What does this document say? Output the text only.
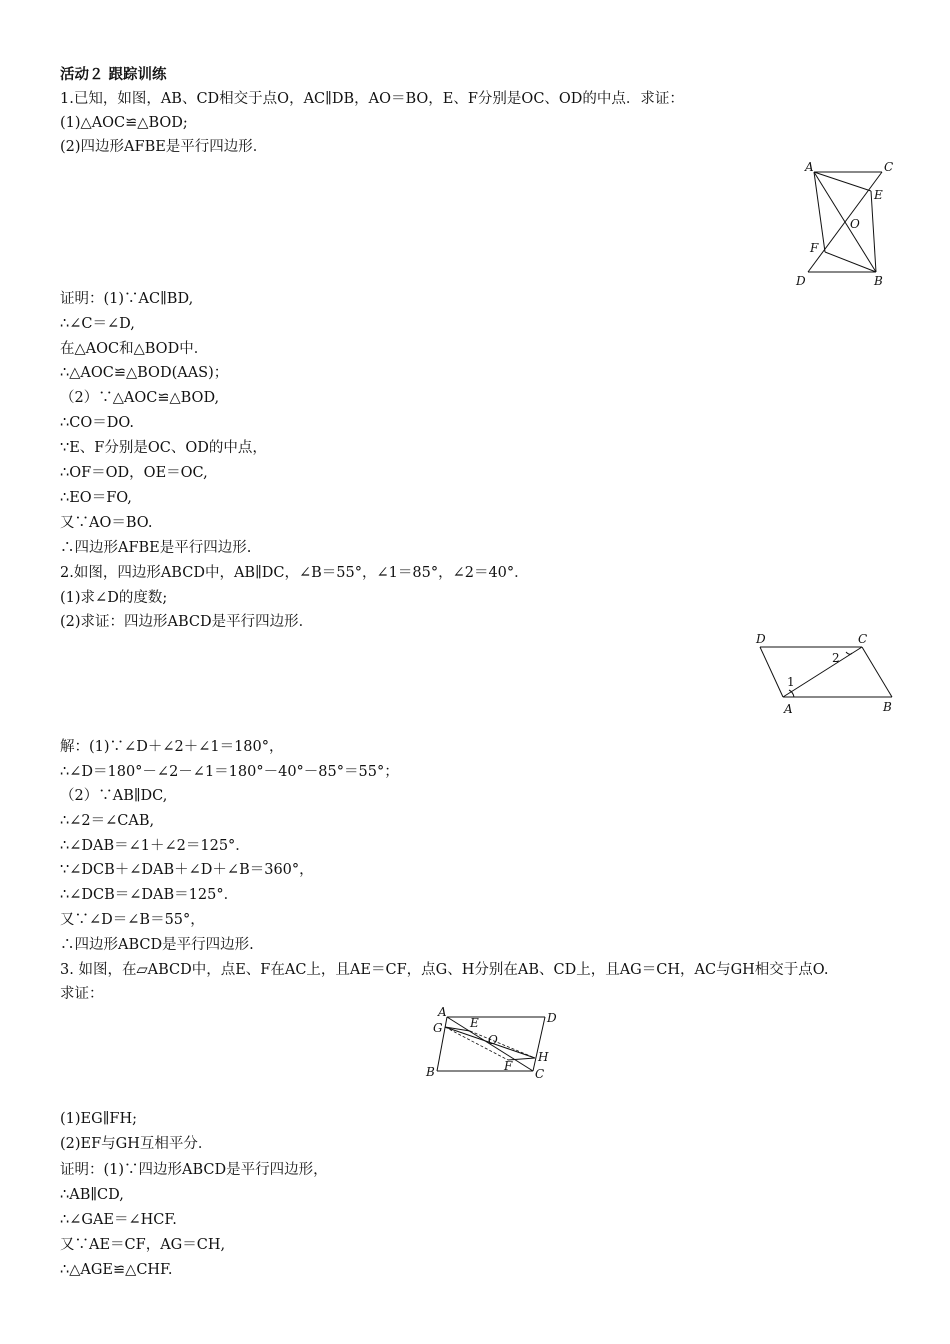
活动２ 跟踪训练
1.已知，如图，AB、CD相交于点O，AC∥DB，AO＝BO，E、F分别是OC、OD的中点．求证：
(1)△AOC≌△BOD;
(2)四边形AFBE是平行四边形．
A	C
E
O
F
D	B
证明：(1)∵AC∥BD,
∴∠C＝∠D,
在△AOC和△BOD中．
∴△AOC≌△BOD(AAS)；
（2）∵△AOC≌△BOD,
∴CO＝DO.
∵E、F分别是OC、OD的中点，
∴OF＝OD，OE＝OC,
∴EO＝FO,
又∵AO＝BO.
∴四边形AFBE是平行四边形.
2.如图，四边形ABCD中，AB∥DC，∠B＝55°，∠1＝85°，∠2＝40°．
(1)求∠D的度数;
(2)求证：四边形ABCD是平行四边形．
D	C
A	B
1
2
解：(1)∵∠D＋∠2＋∠1＝180°，
∴∠D＝180°－∠2－∠1＝180°－40°－85°＝55°；
（2）∵AB∥DC,
∴∠2＝∠CAB,
∴∠DAB＝∠1＋∠2＝125°．
∵∠DCB＋∠DAB＋∠D＋∠B＝360°，
∴∠DCB＝∠DAB＝125°．
又∵∠D＝∠B＝55°，
∴四边形ABCD是平行四边形.
3. 如图，在▱ABCD中，点E、F在AC上，且AE＝CF，点G、H分别在AB、CD上，且AG＝CH，AC与GH相交于点O.
求证：
A	D
G E
O
H
B	F
C
(1)EG∥FH;
(2)EF与GH互相平分．
证明：(1)∵四边形ABCD是平行四边形，
∴AB∥CD,
∴∠GAE＝∠HCF.
又∵AE＝CF，AG＝CH,
∴△AGE≌△CHF.
